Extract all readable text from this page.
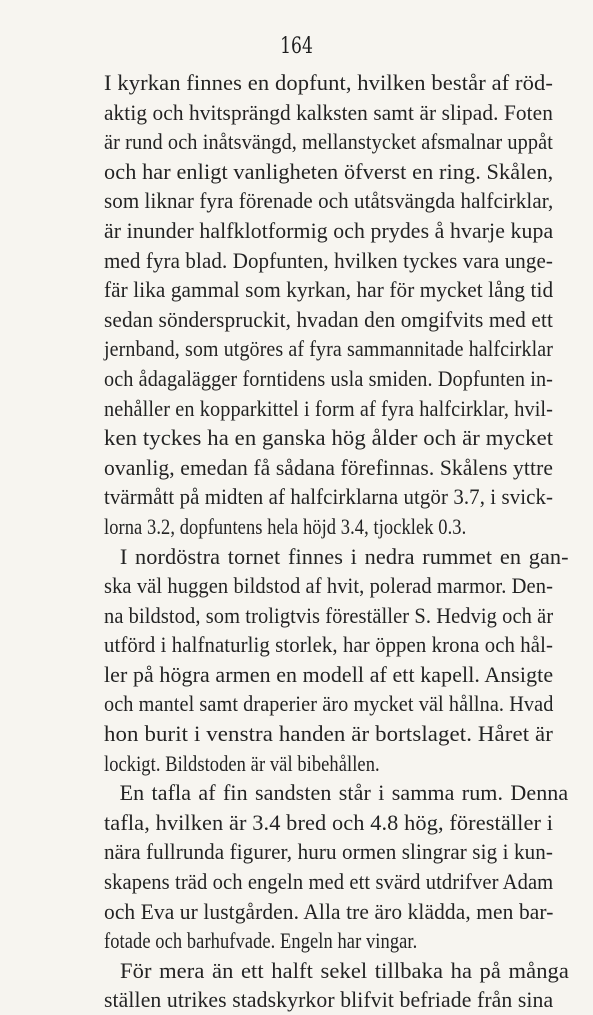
164
I kyrkan finnes en dopfunt, hvilken består af röd-
aktig och hvitsprängd kalksten samt är slipad. Foten
är rund och inåtsvängd, mellanstycket afsmalnar uppåt
och har enligt vanligheten öfverst en ring. Skålen,
som liknar fyra förenade och utåtsvängda halfcirklar,
är inunder halfklotformig och prydes å hvarje kupa
med fyra blad. Dopfunten, hvilken tyckes vara unge-
fär lika gammal som kyrkan, har för mycket lång tid
sedan sönderspruckit, hvadan den omgifvits med ett
jernband, som utgöres af fyra sammannitade halfcirklar
och ådagalägger forntidens usla smiden. Dopfunten in-
nehåller en kopparkittel i form af fyra halfcirklar, hvil-
ken tyckes ha en ganska hög ålder och är mycket
ovanlig, emedan få sådana förefinnas. Skålens yttre
tvärmått på midten af halfcirklarna utgör 3.7, i svick-
lorna 3.2, dopfuntens hela höjd 3.4, tjocklek 0.3.
I nordöstra tornet finnes i nedra rummet en gan-
ska väl huggen bildstod af hvit, polerad marmor. Den-
na bildstod, som troligtvis föreställer S. Hedvig och är
utförd i halfnaturlig storlek, har öppen krona och hål-
ler på högra armen en modell af ett kapell. Ansigte
och mantel samt draperier äro mycket väl hållna. Hvad
hon burit i venstra handen är bortslaget. Håret är
lockigt. Bildstoden är väl bibehållen.
En tafla af fin sandsten står i samma rum. Denna
tafla, hvilken är 3.4 bred och 4.8 hög, föreställer i
nära fullrunda figurer, huru ormen slingrar sig i kun-
skapens träd och engeln med ett svärd utdrifver Adam
och Eva ur lustgården. Alla tre äro klädda, men bar-
fotade och barhufvade. Engeln har vingar.
För mera än ett halft sekel tillbaka ha på många
ställen utrikes stadskyrkor blifvit befriade från sina
